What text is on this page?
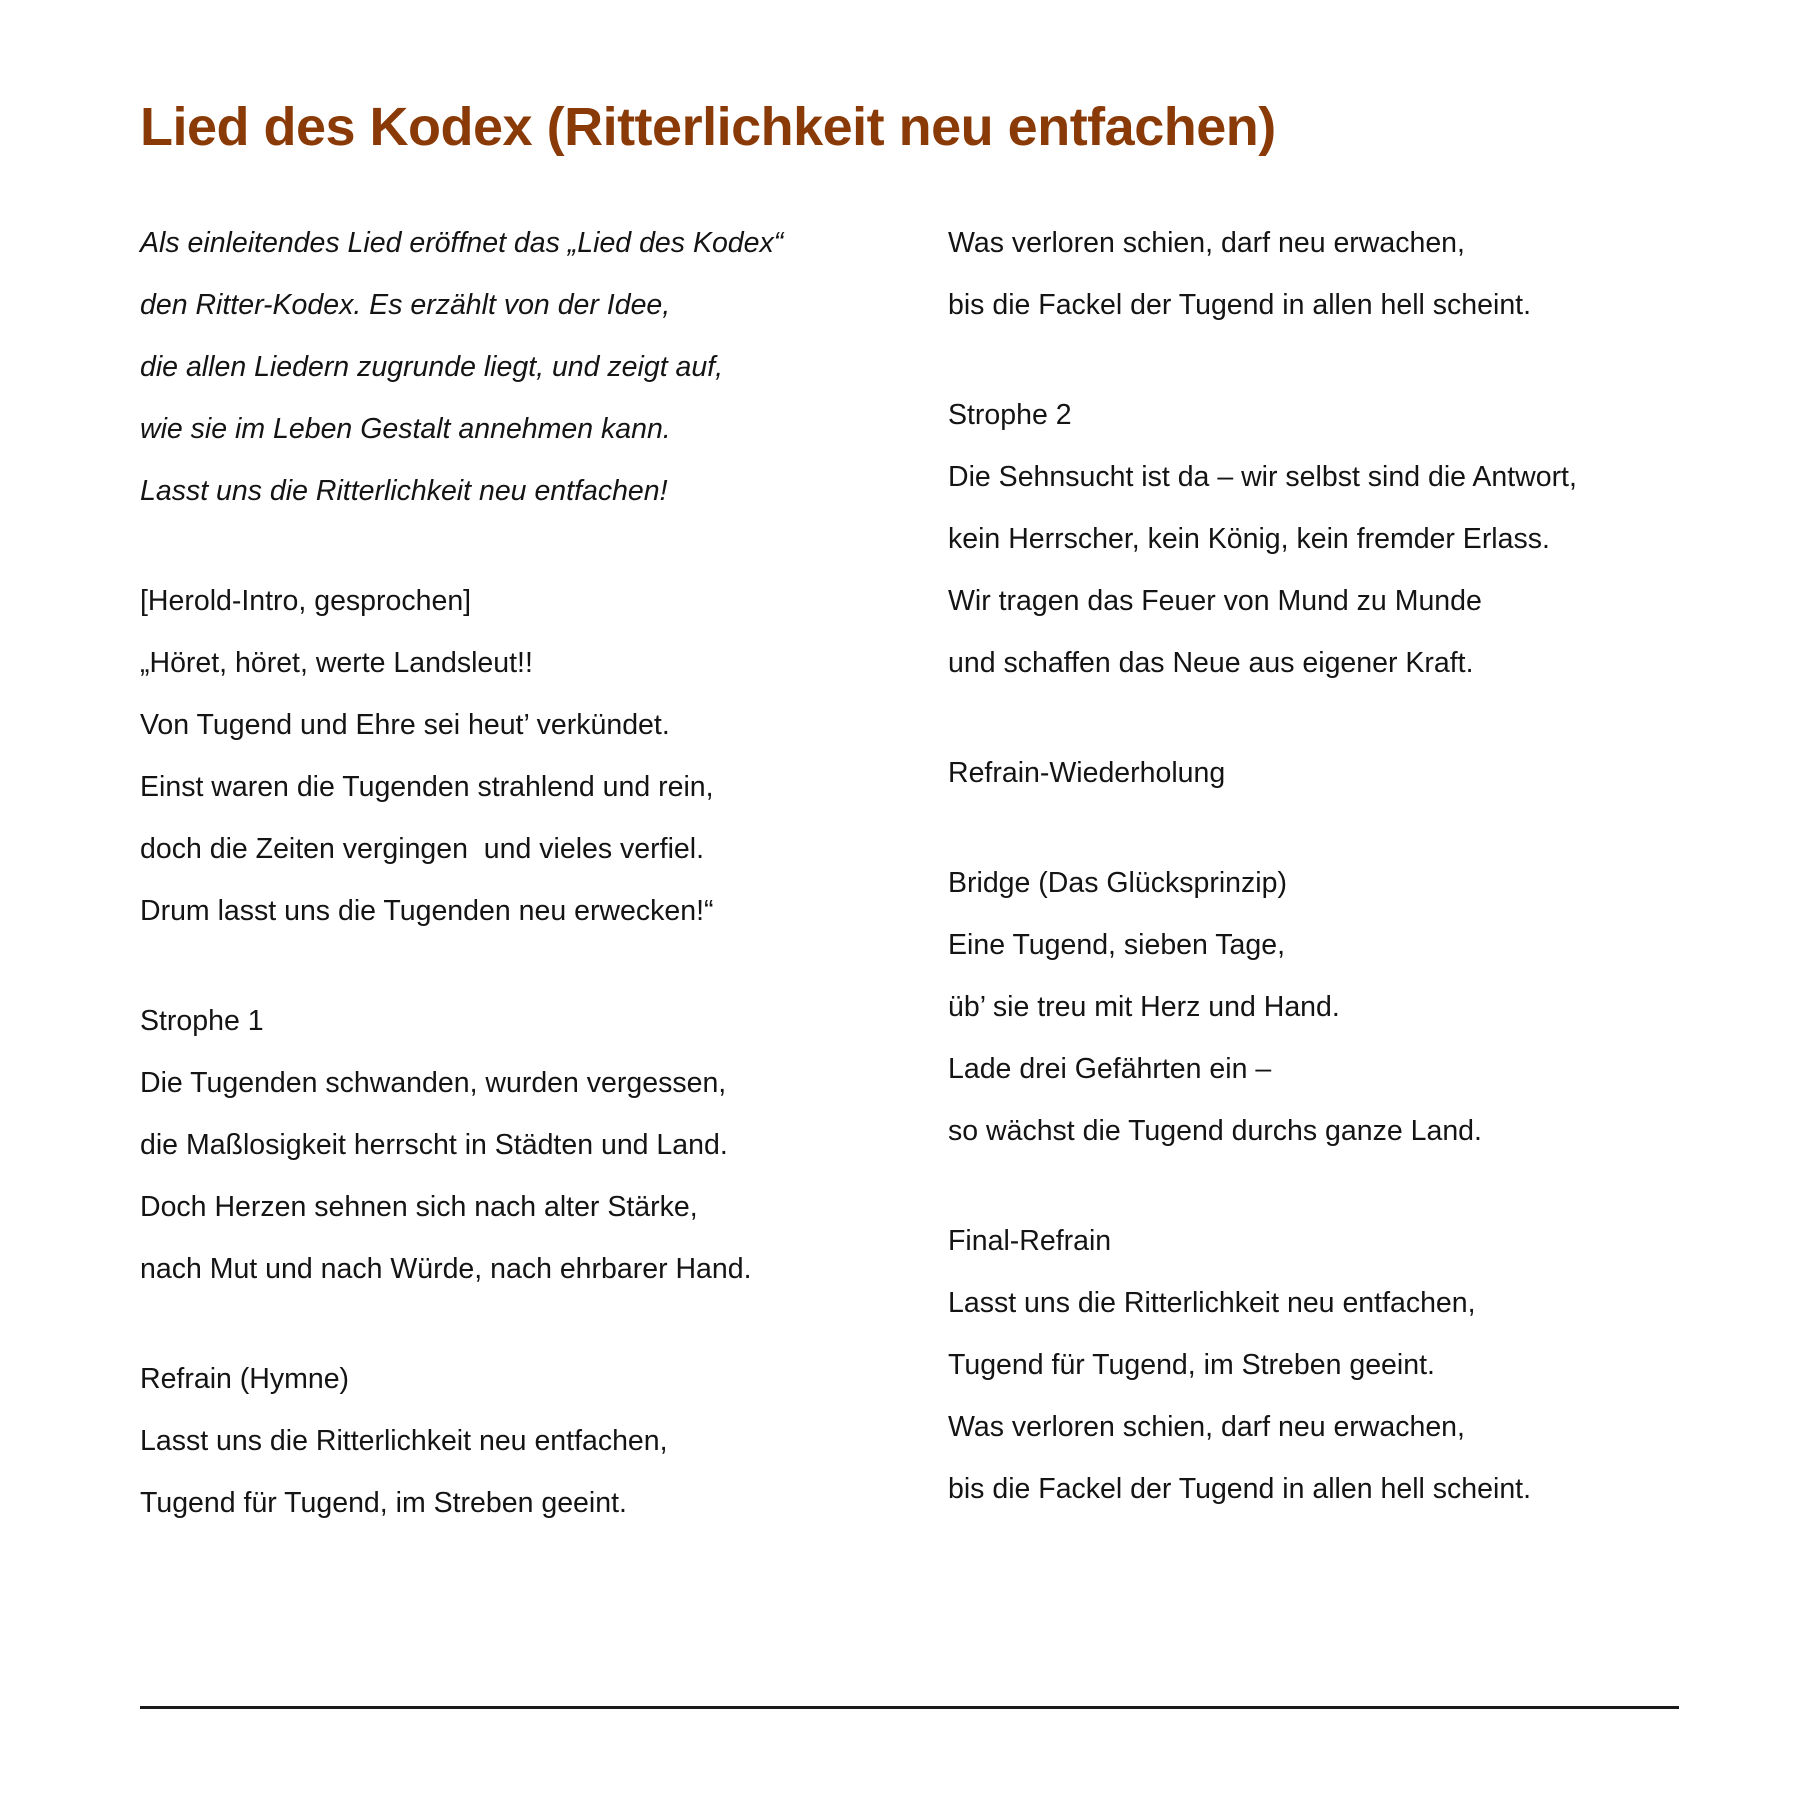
Lied des Kodex (Ritterlichkeit neu entfachen)
Als einleitendes Lied eröffnet das „Lied des Kodex“
den Ritter-Kodex. Es erzählt von der Idee,
die allen Liedern zugrunde liegt, und zeigt auf,
wie sie im Leben Gestalt annehmen kann.
Lasst uns die Ritterlichkeit neu entfachen!
[Herold-Intro, gesprochen]
„Höret, höret, werte Landsleut!!
Von Tugend und Ehre sei heut’ verkündet.
Einst waren die Tugenden strahlend und rein,
doch die Zeiten vergingen  und vieles verfiel.
Drum lasst uns die Tugenden neu erwecken!“
Strophe 1
Die Tugenden schwanden, wurden vergessen,
die Maßlosigkeit herrscht in Städten und Land.
Doch Herzen sehnen sich nach alter Stärke,
nach Mut und nach Würde, nach ehrbarer Hand.
Refrain (Hymne)
Lasst uns die Ritterlichkeit neu entfachen,
Tugend für Tugend, im Streben geeint.
Was verloren schien, darf neu erwachen,
bis die Fackel der Tugend in allen hell scheint.
Strophe 2
Die Sehnsucht ist da – wir selbst sind die Antwort,
kein Herrscher, kein König, kein fremder Erlass.
Wir tragen das Feuer von Mund zu Munde
und schaffen das Neue aus eigener Kraft.
Refrain-Wiederholung
Bridge (Das Glücksprinzip)
Eine Tugend, sieben Tage,
üb’ sie treu mit Herz und Hand.
Lade drei Gefährten ein –
so wächst die Tugend durchs ganze Land.
Final-Refrain
Lasst uns die Ritterlichkeit neu entfachen,
Tugend für Tugend, im Streben geeint.
Was verloren schien, darf neu erwachen,
bis die Fackel der Tugend in allen hell scheint.
